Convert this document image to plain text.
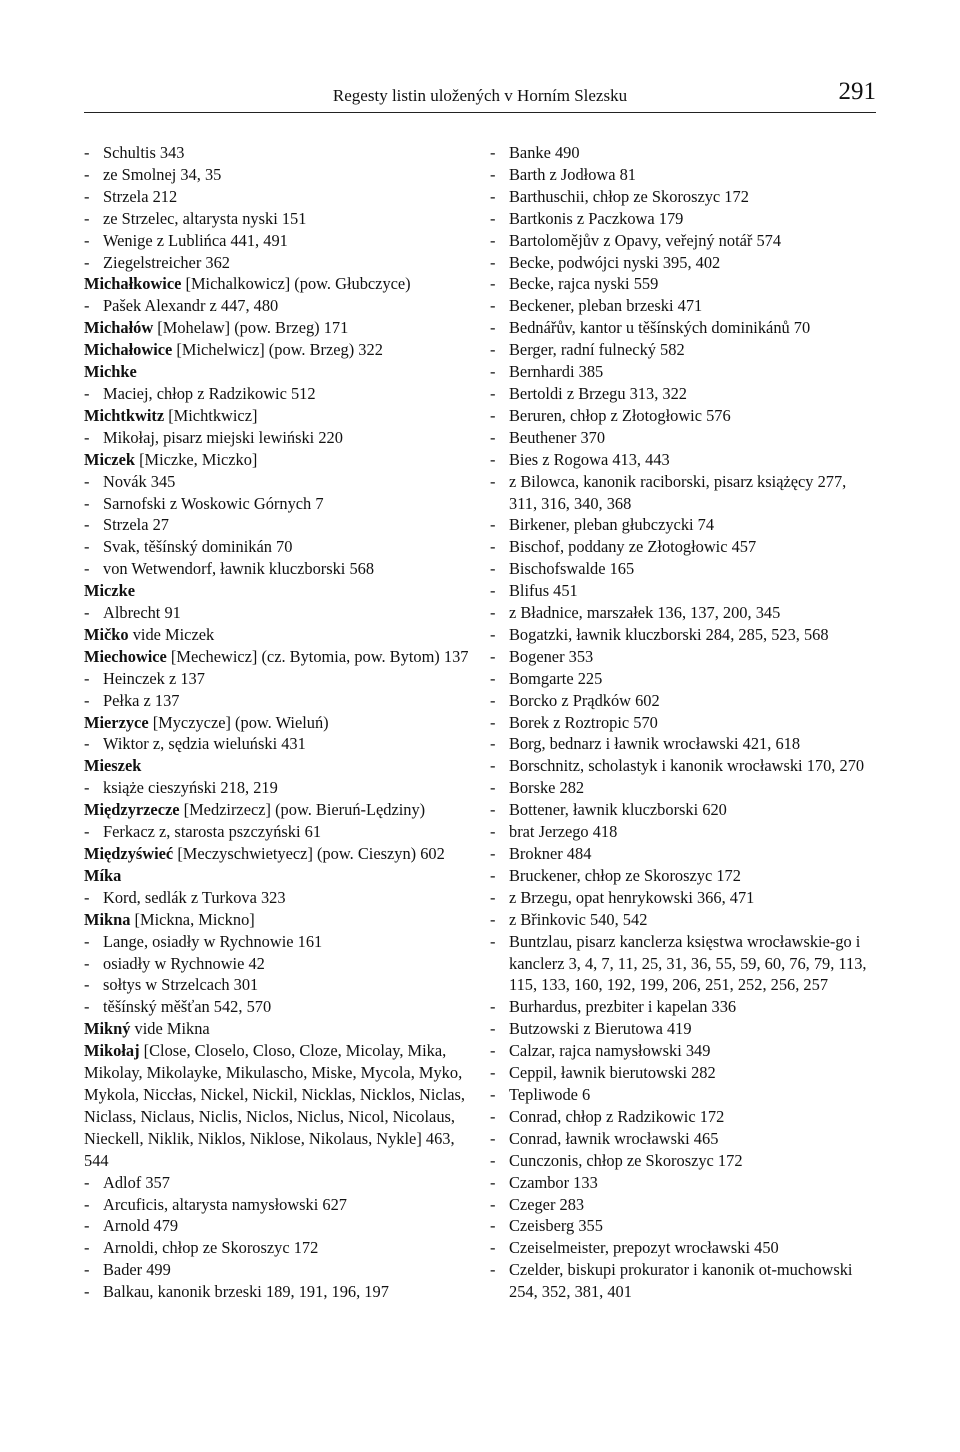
Regesty listin uložených v Horním Slezsku	291
- Schultis 343
- ze Smolnej 34, 35
- Strzela 212
- ze Strzelec, altarysta nyski 151
- Wenige z Lublińca 441, 491
- Ziegelstreicher 362
Michałkowice [Michalkowicz] (pow. Głubczyce)
- Pašek Alexandr z 447, 480
Michałów [Mohelaw] (pow. Brzeg) 171
Michałowice [Michelwicz] (pow. Brzeg) 322
Michke
- Maciej, chłop z Radzikowic 512
Michtkwitz [Michtkwicz]
- Mikołaj, pisarz miejski lewiński 220
Miczek [Miczke, Miczko]
- Novák 345
- Sarnofski z Woskowic Górnych 7
- Strzela 27
- Svak, těšínský dominikán 70
- von Wetwendorf, ławnik kluczborski 568
Miczke
- Albrecht 91
Mičko vide Miczek
Miechowice [Mechewicz] (cz. Bytomia, pow. Bytom) 137
- Heinczek z 137
- Pełka z 137
Mierzyce [Myczycze] (pow. Wieluń)
- Wiktor z, sędzia wieluński 431
Mieszek
- książe cieszyński 218, 219
Międzyrzecze [Medzirzecz] (pow. Bieruń-Lędziny)
- Ferkacz z, starosta pszczyński 61
Międzyświeć [Meczyschwietyecz] (pow. Cieszyn) 602
Míka
- Kord, sedlák z Turkova 323
Mikna [Mickna, Mickno]
- Lange, osiadły w Rychnowie 161
- osiadły w Rychnowie 42
- sołtys w Strzelcach 301
- těšínský měšťan 542, 570
Mikný vide Mikna
Mikołaj [Close, Closelo, Closo, Cloze, Micolay, Mika, Mikolay, Mikolayke, Mikulascho, Miske, Mycola, Myko, Mykola, Niccłas, Nickel, Nickil, Nicklas, Nicklos, Niclas, Niclass, Niclaus, Niclis, Niclos, Niclus, Nicol, Nicolaus, Nieckell, Niklik, Niklos, Niklose, Nikolaus, Nykle] 463, 544
- Adlof 357
- Arcuficis, altarysta namysłowski 627
- Arnold 479
- Arnoldi, chłop ze Skoroszyc 172
- Bader 499
- Balkau, kanonik brzeski 189, 191, 196, 197
- Banke 490
- Barth z Jodłowa 81
- Barthuschii, chłop ze Skoroszyc 172
- Bartkonis z Paczkowa 179
- Bartolomějův z Opavy, veřejný notář 574
- Becke, podwójci nyski 395, 402
- Becke, rajca nyski 559
- Beckener, pleban brzeski 471
- Bednářův, kantor u těšínských dominikánů 70
- Berger, radní fulnecký 582
- Bernhardi 385
- Bertoldi z Brzegu 313, 322
- Beruren, chłop z Złotogłowic 576
- Beuthener 370
- Bies z Rogowa 413, 443
- z Bilowca, kanonik raciborski, pisarz książęcy 277, 311, 316, 340, 368
- Birkener, pleban głubczycki 74
- Bischof, poddany ze Złotogłowic 457
- Bischofswalde 165
- Blifus 451
- z Bładnice, marszałek 136, 137, 200, 345
- Bogatzki, ławnik kluczborski 284, 285, 523, 568
- Bogener 353
- Bomgarte 225
- Borcko z Prądków 602
- Borek z Roztropic 570
- Borg, bednarz i ławnik wrocławski 421, 618
- Borschnitz, scholastyk i kanonik wrocławski 170, 270
- Borske 282
- Bottener, ławnik kluczborski 620
- brat Jerzego 418
- Brokner 484
- Bruckener, chłop ze Skoroszyc 172
- z Brzegu, opat henrykowski 366, 471
- z Břinkovic 540, 542
- Buntzlau, pisarz kanclerza księstwa wrocławskie-go i kanclerz 3, 4, 7, 11, 25, 31, 36, 55, 59, 60, 76, 79, 113, 115, 133, 160, 192, 199, 206, 251, 252, 256, 257
- Burhardus, prezbiter i kapelan 336
- Butzowski z Bierutowa 419
- Calzar, rajca namysłowski 349
- Ceppil, ławnik bierutowski 282
- Tepliwode 6
- Conrad, chłop z Radzikowic 172
- Conrad, ławnik wrocławski 465
- Cunczonis, chłop ze Skoroszyc 172
- Czambor 133
- Czeger 283
- Czeisberg 355
- Czeiselmeister, prepozyt wrocławski 450
- Czelder, biskupi prokurator i kanonik ot-muchowski 254, 352, 381, 401
